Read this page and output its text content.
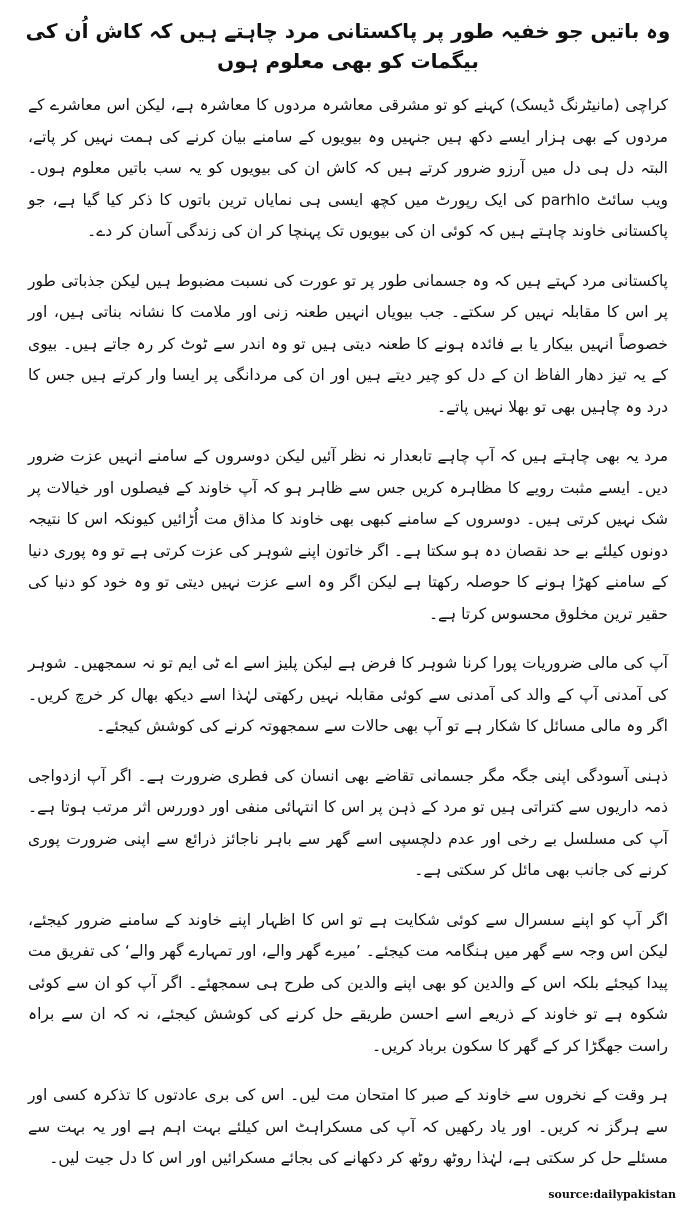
وہ باتیں جو خفیہ طور پر پاکستانی مرد چاہتے ہیں کہ کاش اُن کی بیگمات کو بھی معلوم ہوں

کراچی (مانیٹرنگ ڈیسک) کہنے کو تو مشرقی معاشرہ مردوں کا معاشرہ ہے، لیکن اس معاشرے کے مردوں کے بھی ہزار ایسے دکھ ہیں جنہیں وہ بیویوں کے سامنے بیان کرنے کی ہمت نہیں کر پاتے، البتہ دل ہی دل میں آرزو ضرور کرتے ہیں کہ کاش ان کی بیویوں کو یہ سب باتیں معلوم ہوں۔ ویب سائٹ parhlo کی ایک رپورٹ میں کچھ ایسی ہی نمایاں ترین باتوں کا ذکر کیا گیا ہے، جو پاکستانی خاوند چاہتے ہیں کہ کوئی ان کی بیویوں تک پہنچا کر ان کی زندگی آسان کر دے۔

پاکستانی مرد کہتے ہیں کہ وہ جسمانی طور پر تو عورت کی نسبت مضبوط ہیں لیکن جذباتی طور پر اس کا مقابلہ نہیں کر سکتے۔ جب بیویاں انہیں طعنہ زنی اور ملامت کا نشانہ بناتی ہیں، اور خصوصاً انہیں بیکار یا بے فائدہ ہونے کا طعنہ دیتی ہیں تو وہ اندر سے ٹوٹ کر رہ جاتے ہیں۔ بیوی کے یہ تیز دھار الفاظ ان کے دل کو چیر دیتے ہیں اور ان کی مردانگی پر ایسا وار کرتے ہیں جس کا درد وہ چاہیں بھی تو بھلا نہیں پاتے۔

مرد یہ بھی چاہتے ہیں کہ آپ چاہے تابعدار نہ نظر آئیں لیکن دوسروں کے سامنے انہیں عزت ضرور دیں۔ ایسے مثبت رویے کا مظاہرہ کریں جس سے ظاہر ہو کہ آپ خاوند کے فیصلوں اور خیالات پر شک نہیں کرتی ہیں۔ دوسروں کے سامنے کبھی بھی خاوند کا مذاق مت اُڑائیں کیونکہ اس کا نتیجہ دونوں کیلئے بے حد نقصان دہ ہو سکتا ہے۔ اگر خاتون اپنے شوہر کی عزت کرتی ہے تو وہ پوری دنیا کے سامنے کھڑا ہونے کا حوصلہ رکھتا ہے لیکن اگر وہ اسے عزت نہیں دیتی تو وہ خود کو دنیا کی حقیر ترین مخلوق محسوس کرتا ہے۔

آپ کی مالی ضروریات پورا کرنا شوہر کا فرض ہے لیکن پلیز اسے اے ٹی ایم تو نہ سمجھیں۔ شوہر کی آمدنی آپ کے والد کی آمدنی سے کوئی مقابلہ نہیں رکھتی لہٰذا اسے دیکھ بھال کر خرچ کریں۔ اگر وہ مالی مسائل کا شکار ہے تو آپ بھی حالات سے سمجھوتہ کرنے کی کوشش کیجئے۔

ذہنی آسودگی اپنی جگہ مگر جسمانی تقاضے بھی انسان کی فطری ضرورت ہے۔ اگر آپ ازدواجی ذمہ داریوں سے کتراتی ہیں تو مرد کے ذہن پر اس کا انتہائی منفی اور دوررس اثر مرتب ہوتا ہے۔ آپ کی مسلسل بے رخی اور عدم دلچسپی اسے گھر سے باہر ناجائز ذرائع سے اپنی ضرورت پوری کرنے کی جانب بھی مائل کر سکتی ہے۔

اگر آپ کو اپنے سسرال سے کوئی شکایت ہے تو اس کا اظہار اپنے خاوند کے سامنے ضرور کیجئے، لیکن اس وجہ سے گھر میں ہنگامہ مت کیجئے۔ ’میرے گھر والے، اور تمہارے گھر والے‘ کی تفریق مت پیدا کیجئے بلکہ اس کے والدین کو بھی اپنے والدین کی طرح ہی سمجھئے۔ اگر آپ کو ان سے کوئی شکوہ ہے تو خاوند کے ذریعے اسے احسن طریقے حل کرنے کی کوشش کیجئے، نہ کہ ان سے براہ راست جھگڑا کر کے گھر کا سکون برباد کریں۔

ہر وقت کے نخروں سے خاوند کے صبر کا امتحان مت لیں۔ اس کی بری عادتوں کا تذکرہ کسی اور سے ہرگز نہ کریں۔ اور یاد رکھیں کہ آپ کی مسکراہٹ اس کیلئے بہت اہم ہے اور یہ بہت سے مسئلے حل کر سکتی ہے، لہٰذا روٹھ روٹھ کر دکھانے کی بجائے مسکرائیں اور اس کا دل جیت لیں۔

source:dailypakistan
